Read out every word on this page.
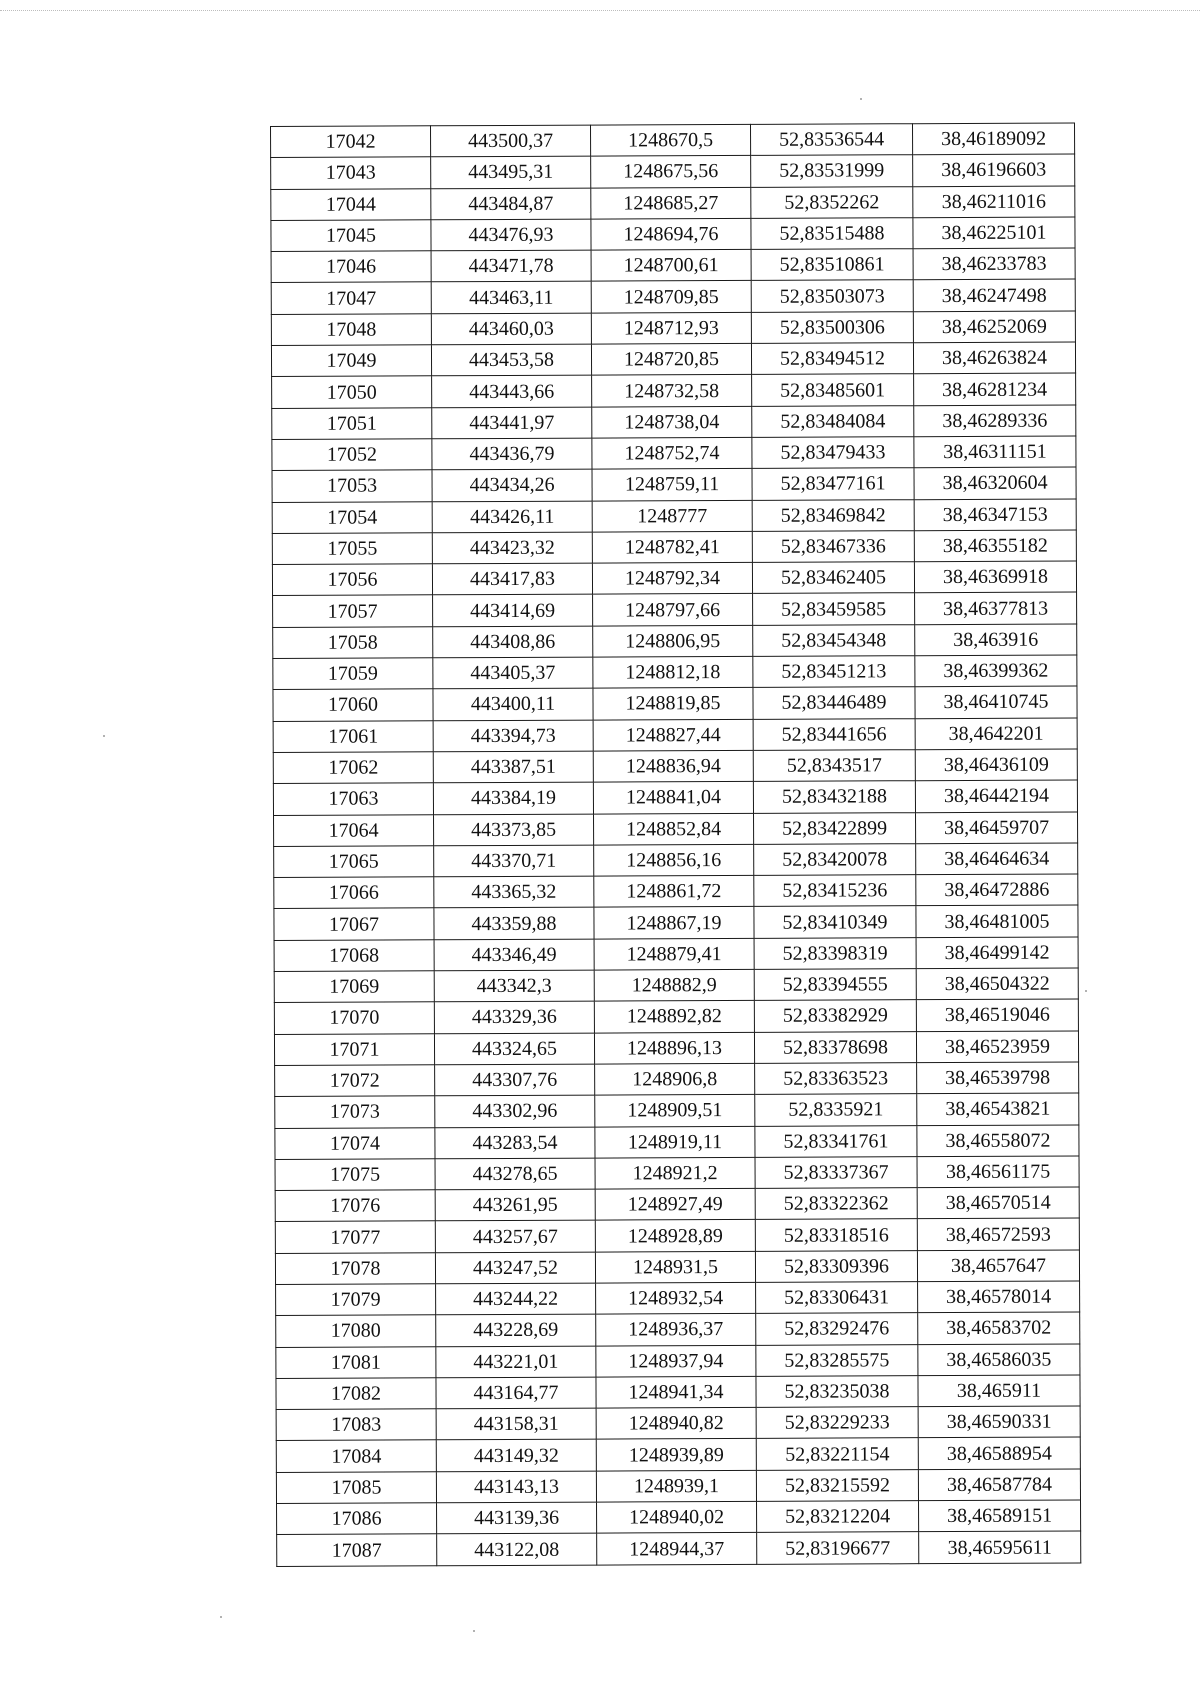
17042	443500,37	1248670,5	52,83536544	38,46189092
17043	443495,31	1248675,56	52,83531999	38,46196603
17044	443484,87	1248685,27	52,8352262	38,46211016
17045	443476,93	1248694,76	52,83515488	38,46225101
17046	443471,78	1248700,61	52,83510861	38,46233783
17047	443463,11	1248709,85	52,83503073	38,46247498
17048	443460,03	1248712,93	52,83500306	38,46252069
17049	443453,58	1248720,85	52,83494512	38,46263824
17050	443443,66	1248732,58	52,83485601	38,46281234
17051	443441,97	1248738,04	52,83484084	38,46289336
17052	443436,79	1248752,74	52,83479433	38,46311151
17053	443434,26	1248759,11	52,83477161	38,46320604
17054	443426,11	1248777	52,83469842	38,46347153
17055	443423,32	1248782,41	52,83467336	38,46355182
17056	443417,83	1248792,34	52,83462405	38,46369918
17057	443414,69	1248797,66	52,83459585	38,46377813
17058	443408,86	1248806,95	52,83454348	38,463916
17059	443405,37	1248812,18	52,83451213	38,46399362
17060	443400,11	1248819,85	52,83446489	38,46410745
17061	443394,73	1248827,44	52,83441656	38,4642201
17062	443387,51	1248836,94	52,8343517	38,46436109
17063	443384,19	1248841,04	52,83432188	38,46442194
17064	443373,85	1248852,84	52,83422899	38,46459707
17065	443370,71	1248856,16	52,83420078	38,46464634
17066	443365,32	1248861,72	52,83415236	38,46472886
17067	443359,88	1248867,19	52,83410349	38,46481005
17068	443346,49	1248879,41	52,83398319	38,46499142
17069	443342,3	1248882,9	52,83394555	38,46504322
17070	443329,36	1248892,82	52,83382929	38,46519046
17071	443324,65	1248896,13	52,83378698	38,46523959
17072	443307,76	1248906,8	52,83363523	38,46539798
17073	443302,96	1248909,51	52,8335921	38,46543821
17074	443283,54	1248919,11	52,83341761	38,46558072
17075	443278,65	1248921,2	52,83337367	38,46561175
17076	443261,95	1248927,49	52,83322362	38,46570514
17077	443257,67	1248928,89	52,83318516	38,46572593
17078	443247,52	1248931,5	52,83309396	38,4657647
17079	443244,22	1248932,54	52,83306431	38,46578014
17080	443228,69	1248936,37	52,83292476	38,46583702
17081	443221,01	1248937,94	52,83285575	38,46586035
17082	443164,77	1248941,34	52,83235038	38,465911
17083	443158,31	1248940,82	52,83229233	38,46590331
17084	443149,32	1248939,89	52,83221154	38,46588954
17085	443143,13	1248939,1	52,83215592	38,46587784
17086	443139,36	1248940,02	52,83212204	38,46589151
17087	443122,08	1248944,37	52,83196677	38,46595611
